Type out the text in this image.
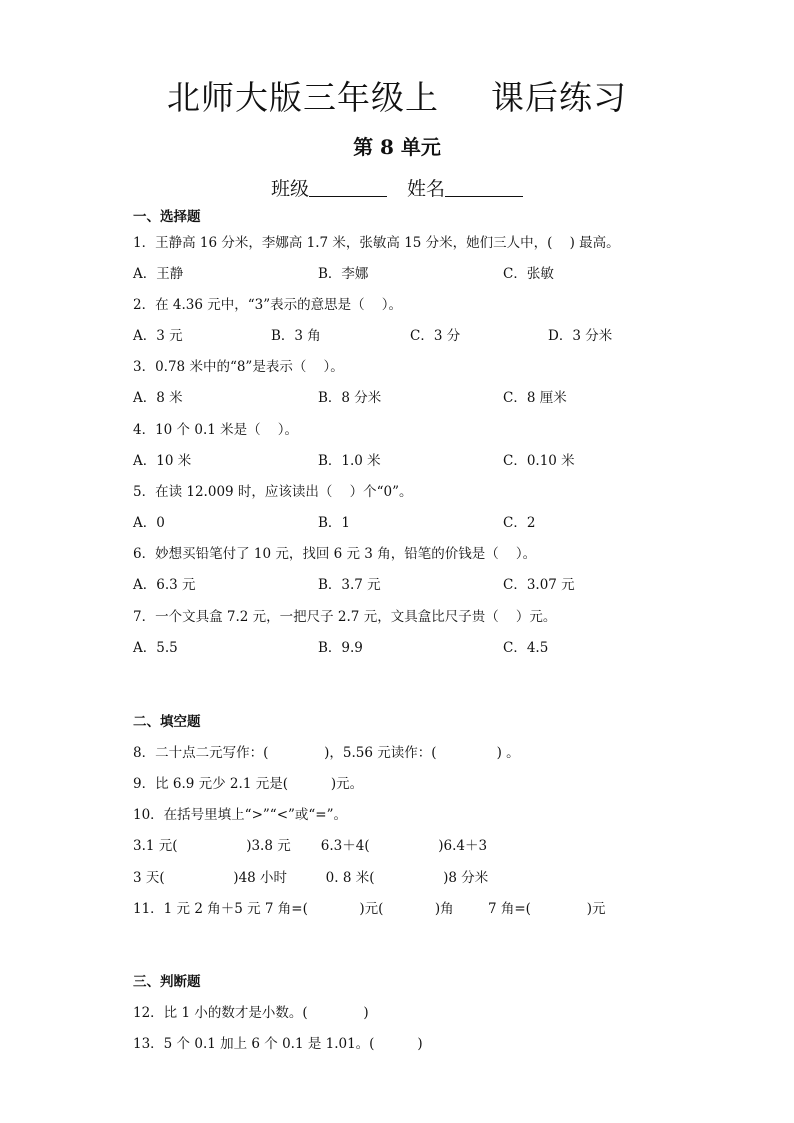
北师大版三年级上 课后练习
第 8 单元
班级	姓名
一、选择题
1．王静高 16 分米，李娜高 1.7 米，张敏高 15 分米，她们三人中，(    ) 最高。
A．王静	B．李娜	C．张敏
2．在 4.36 元中，“3”表示的意思是（    ）。
A．3 元	B．3 角	C．3 分	D．3 分米
3．0.78 米中的“8”是表示（    ）。
A．8 米	B．8 分米	C．8 厘米
4．10 个 0.1 米是（    ）。
A．10 米	B．1.0 米	C．0.10 米
5．在读 12.009 时，应该读出（    ）个“0”。
A．0	B．1	C．2
6．妙想买铅笔付了 10 元，找回 6 元 3 角，铅笔的价钱是（    ）。
A．6.3 元	B．3.7 元	C．3.07 元
7．一个文具盒 7.2 元，一把尺子 2.7 元，文具盒比尺子贵（    ）元。
A．5.5	B．9.9	C．4.5
二、填空题
8．二十点二元写作：(             )，5.56 元读作：(              ) 。
9．比 6.9 元少 2.1 元是(          )元。
10．在括号里填上“>”“<”或“=”。
3.1 元(                )3.8 元       6.3＋4(                )6.4＋3
3 天(                )48 小时         0. 8 米(                )8 分米
11．1 元 2 角＋5 元 7 角=(            )元(            )角        7 角=(             )元
三、判断题
12．比 1 小的数才是小数。(             )
13．5 个 0.1 加上 6 个 0.1 是 1.01。(          )
